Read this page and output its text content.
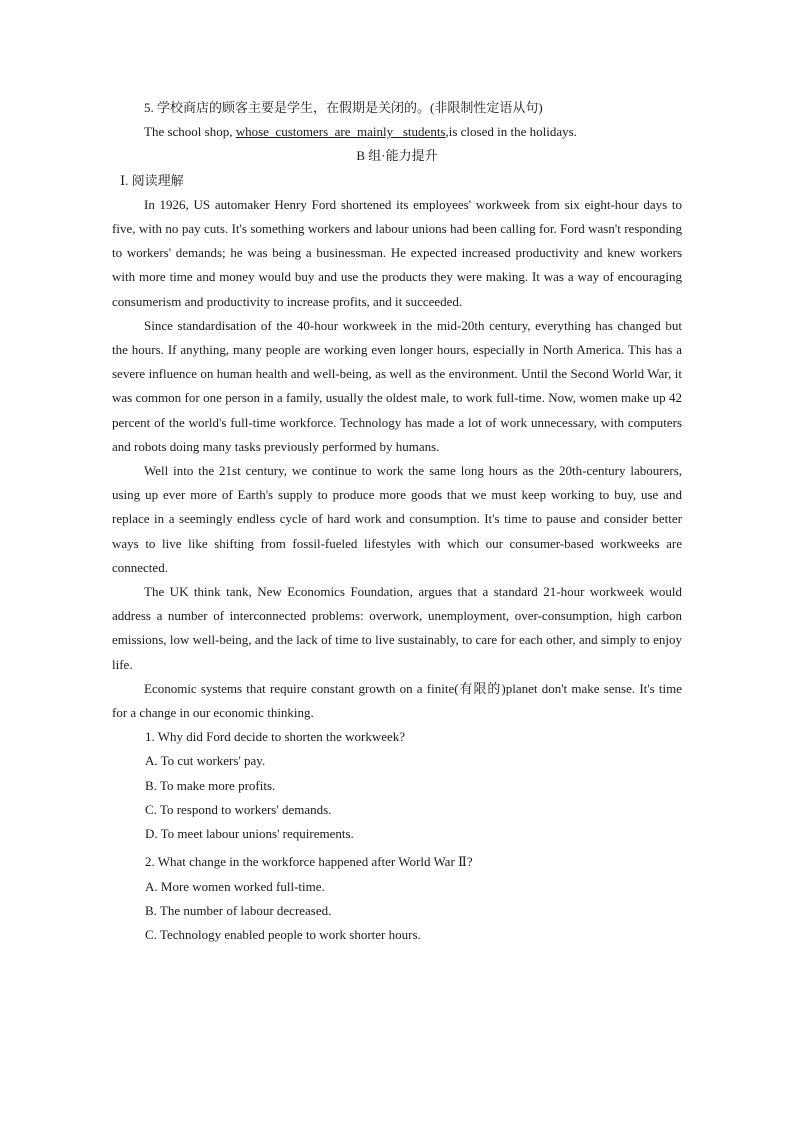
5. 学校商店的顾客主要是学生，在假期是关闭的。(非限制性定语从句)

The school shop, whose_customers_are_mainly _students,is closed in the holidays.

B 组·能力提升

Ⅰ. 阅读理解

In 1926, US automaker Henry Ford shortened its employees' workweek from six eight-hour days to five, with no pay cuts. It's something workers and labour unions had been calling for. Ford wasn't responding to workers' demands; he was being a businessman. He expected increased productivity and knew workers with more time and money would buy and use the products they were making. It was a way of encouraging consumerism and productivity to increase profits, and it succeeded.

Since standardisation of the 40-hour workweek in the mid-20th century, everything has changed but the hours. If anything, many people are working even longer hours, especially in North America. This has a severe influence on human health and well-being, as well as the environment. Until the Second World War, it was common for one person in a family, usually the oldest male, to work full-time. Now, women make up 42 percent of the world's full-time workforce. Technology has made a lot of work unnecessary, with computers and robots doing many tasks previously performed by humans.

Well into the 21st century, we continue to work the same long hours as the 20th-century labourers, using up ever more of Earth's supply to produce more goods that we must keep working to buy, use and replace in a seemingly endless cycle of hard work and consumption. It's time to pause and consider better ways to live like shifting from fossil-fueled lifestyles with which our consumer-based workweeks are connected.

The UK think tank, New Economics Foundation, argues that a standard 21-hour workweek would address a number of interconnected problems: overwork, unemployment, over-consumption, high carbon emissions, low well-being, and the lack of time to live sustainably, to care for each other, and simply to enjoy life.

Economic systems that require constant growth on a finite(有限的)planet don't make sense. It's time for a change in our economic thinking.

1. Why did Ford decide to shorten the workweek?

A. To cut workers' pay.

B. To make more profits.

C. To respond to workers' demands.

D. To meet labour unions' requirements.

2. What change in the workforce happened after World War Ⅱ?

A. More women worked full-time.

B. The number of labour decreased.

C. Technology enabled people to work shorter hours.
